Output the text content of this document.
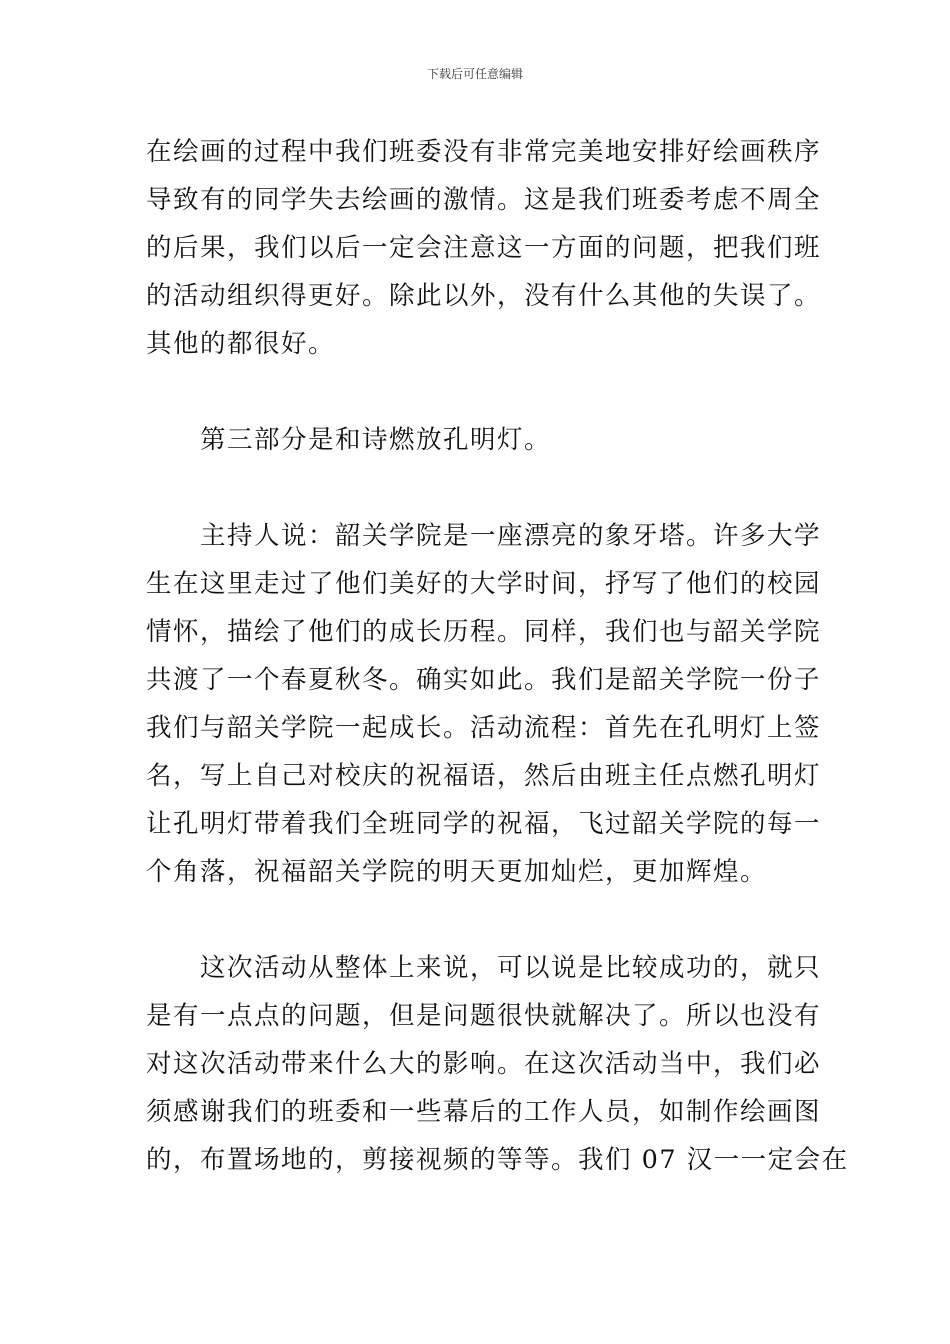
下载后可任意编辑
在绘画的过程中我们班委没有非常完美地安排好绘画秩序
导致有的同学失去绘画的激情。这是我们班委考虑不周全
的后果，我们以后一定会注意这一方面的问题，把我们班
的活动组织得更好。除此以外，没有什么其他的失误了。
其他的都很好。
　　第三部分是和诗燃放孔明灯。
　　主持人说：韶关学院是一座漂亮的象牙塔。许多大学
生在这里走过了他们美好的大学时间，抒写了他们的校园
情怀，描绘了他们的成长历程。同样，我们也与韶关学院
共渡了一个春夏秋冬。确实如此。我们是韶关学院一份子
我们与韶关学院一起成长。活动流程：首先在孔明灯上签
名，写上自己对校庆的祝福语，然后由班主任点燃孔明灯
让孔明灯带着我们全班同学的祝福，飞过韶关学院的每一
个角落，祝福韶关学院的明天更加灿烂，更加辉煌。
　　这次活动从整体上来说，可以说是比较成功的，就只
是有一点点的问题，但是问题很快就解决了。所以也没有
对这次活动带来什么大的影响。在这次活动当中，我们必
须感谢我们的班委和一些幕后的工作人员，如制作绘画图
的，布置场地的，剪接视频的等等。我们 07 汉一一定会在
